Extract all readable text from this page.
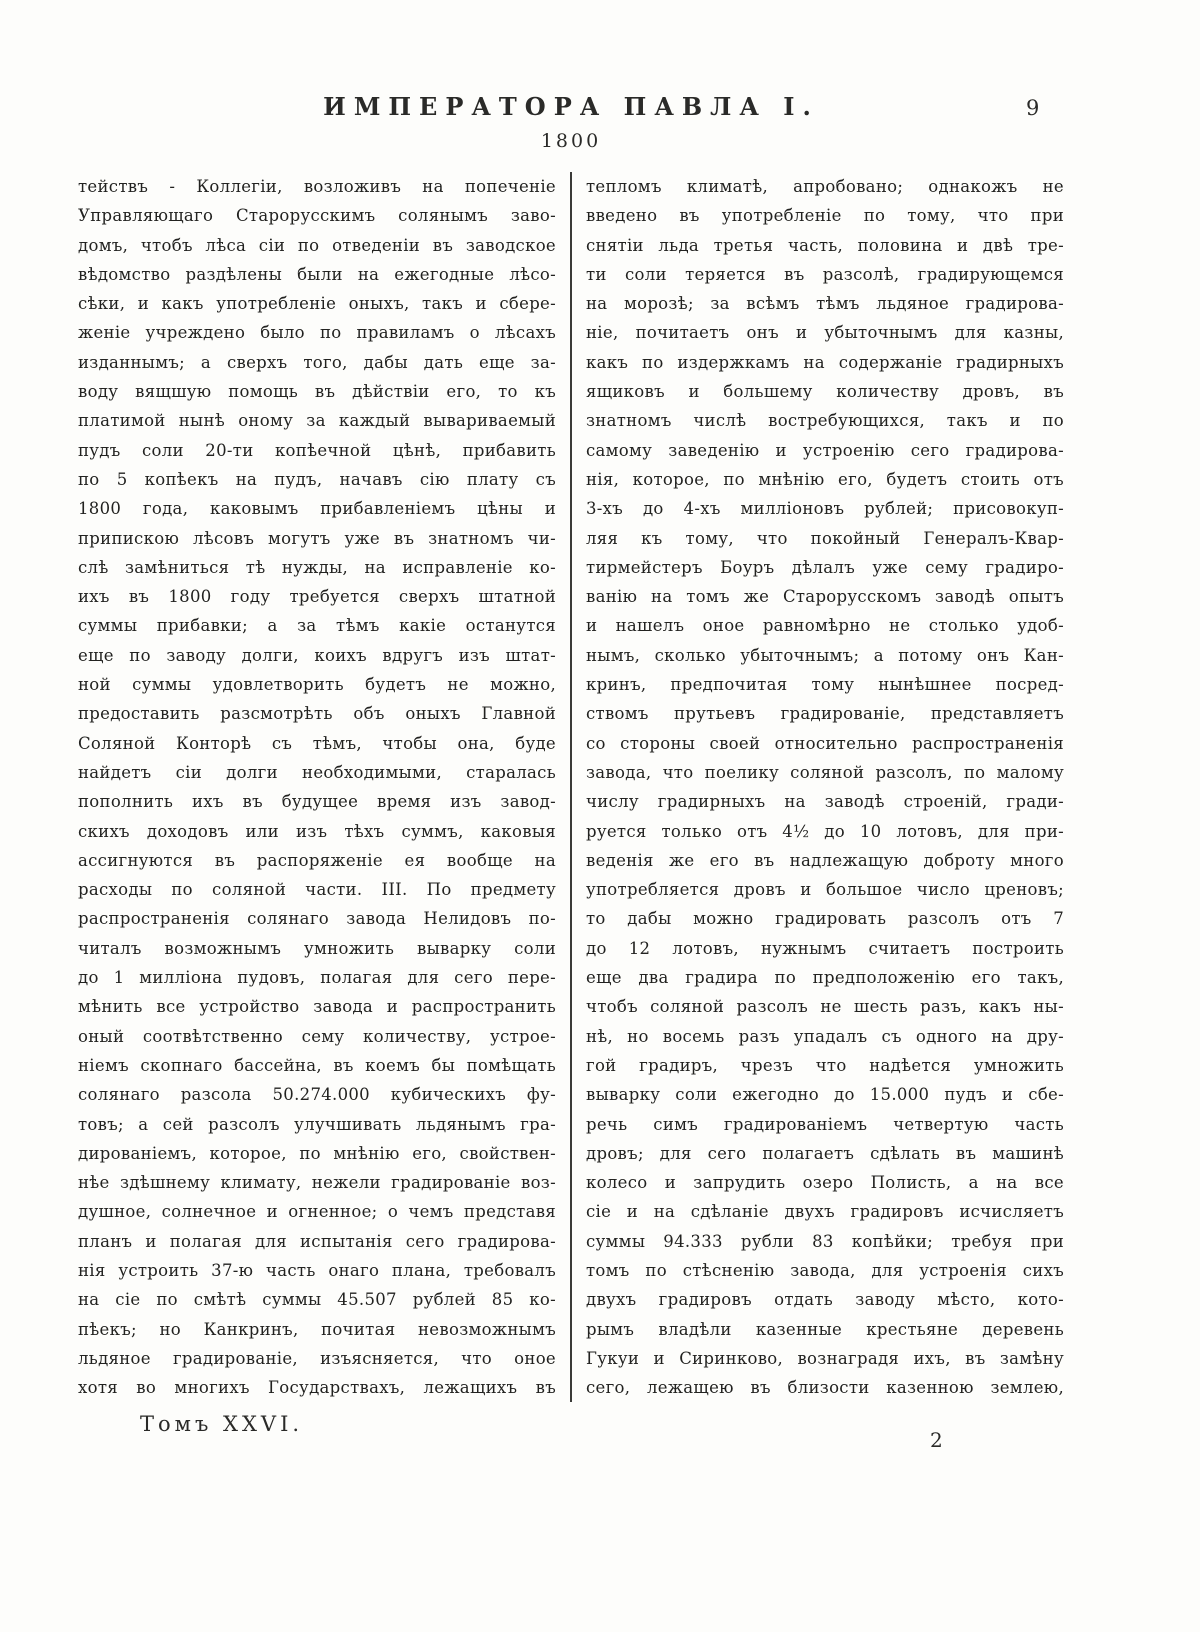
ИМПЕРАТОРА ПАВЛА I.	9
1800
тействъ - Коллегіи, возложивъ на попеченіе
Управляющаго Старорусскимъ солянымъ заво-
домъ, чтобъ лѣса сіи по отведеніи въ заводское
вѣдомство раздѣлены были на ежегодные лѣсо-
сѣки, и какъ употребленіе оныхъ, такъ и сбере-
женіе учреждено было по правиламъ о лѣсахъ
изданнымъ; а сверхъ того, дабы дать еще за-
воду вящшую помощь въ дѣйствіи его, то къ
платимой нынѣ оному за каждый вывариваемый
пудъ соли 20-ти копѣечной цѣнѣ, прибавить
по 5 копѣекъ на пудъ, начавъ сію плату съ
1800 года, каковымъ прибавленіемъ цѣны и
припискою лѣсовъ могутъ уже въ знатномъ чи-
слѣ замѣниться тѣ нужды, на исправленіе ко-
ихъ въ 1800 году требуется сверхъ штатной
суммы прибавки; а за тѣмъ какіе останутся
еще по заводу долги, коихъ вдругъ изъ штат-
ной суммы удовлетворить будетъ не можно,
предоставить разсмотрѣть объ оныхъ Главной
Соляной Конторѣ съ тѣмъ, чтобы она, буде
найдетъ сіи долги необходимыми, старалась
пополнить ихъ въ будущее время изъ завод-
скихъ доходовъ или изъ тѣхъ суммъ, каковыя
ассигнуются въ распоряженіе ея вообще на
расходы по соляной части. III. По предмету
распространенія солянаго завода Нелидовъ по-
читалъ возможнымъ умножить выварку соли
до 1 милліона пудовъ, полагая для сего пере-
мѣнить все устройство завода и распространить
оный соотвѣтственно сему количеству, устрое-
ніемъ скопнаго бассейна, въ коемъ бы помѣщать
солянаго разсола 50.274.000 кубическихъ фу-
товъ; а сей разсолъ улучшивать льдянымъ гра-
дированіемъ, которое, по мнѣнію его, свойствен-
нѣе здѣшнему климату, нежели градированіе воз-
душное, солнечное и огненное; о чемъ представя
планъ и полагая для испытанія сего градирова-
нія устроить 37-ю часть онаго плана, требовалъ
на сіе по смѣтѣ суммы 45.507 рублей 85 ко-
пѣекъ; но Канкринъ, почитая невозможнымъ
льдяное градированіе, изъясняется, что оное
хотя во многихъ Государствахъ, лежащихъ въ
тепломъ климатѣ, апробовано; однакожъ не
введено въ употребленіе по тому, что при
снятіи льда третья часть, половина и двѣ тре-
ти соли теряется въ разсолѣ, градирующемся
на морозѣ; за всѣмъ тѣмъ льдяное градирова-
ніе, почитаетъ онъ и убыточнымъ для казны,
какъ по издержкамъ на содержаніе градирныхъ
ящиковъ и большему количеству дровъ, въ
знатномъ числѣ востребующихся, такъ и по
самому заведенію и устроенію сего градирова-
нія, которое, по мнѣнію его, будетъ стоить отъ
3-хъ до 4-хъ милліоновъ рублей; присовокуп-
ляя къ тому, что покойный Генералъ-Квар-
тирмейстеръ Боуръ дѣлалъ уже сему градиро-
ванію на томъ же Старорусскомъ заводѣ опытъ
и нашелъ оное равномѣрно не столько удоб-
нымъ, сколько убыточнымъ; а потому онъ Кан-
кринъ, предпочитая тому нынѣшнее посред-
ствомъ прутьевъ градированіе, представляетъ
со стороны своей относительно распространенія
завода, что поелику соляной разсолъ, по малому
числу градирныхъ на заводѣ строеній, гради-
руется только отъ 4½ до 10 лотовъ, для при-
веденія же его въ надлежащую доброту много
употребляется дровъ и большое число цреновъ;
то дабы можно градировать разсолъ отъ 7
до 12 лотовъ, нужнымъ считаетъ построить
еще два градира по предположенію его такъ,
чтобъ соляной разсолъ не шесть разъ, какъ ны-
нѣ, но восемь разъ упадалъ съ одного на дру-
гой градиръ, чрезъ что надѣется умножить
выварку соли ежегодно до 15.000 пудъ и сбе-
речь симъ градированіемъ четвертую часть
дровъ; для сего полагаетъ сдѣлать въ машинѣ
колесо и запрудить озеро Полисть, а на все
сіе и на сдѣланіе двухъ градировъ исчисляетъ
суммы 94.333 рубли 83 копѣйки; требуя при
томъ по стѣсненію завода, для устроенія сихъ
двухъ градировъ отдать заводу мѣсто, кото-
рымъ владѣли казенные крестьяне деревень
Гукуи и Сиринково, вознаградя ихъ, въ замѣну
сего, лежащею въ близости казенною землею,
Томъ XXVI.
2
